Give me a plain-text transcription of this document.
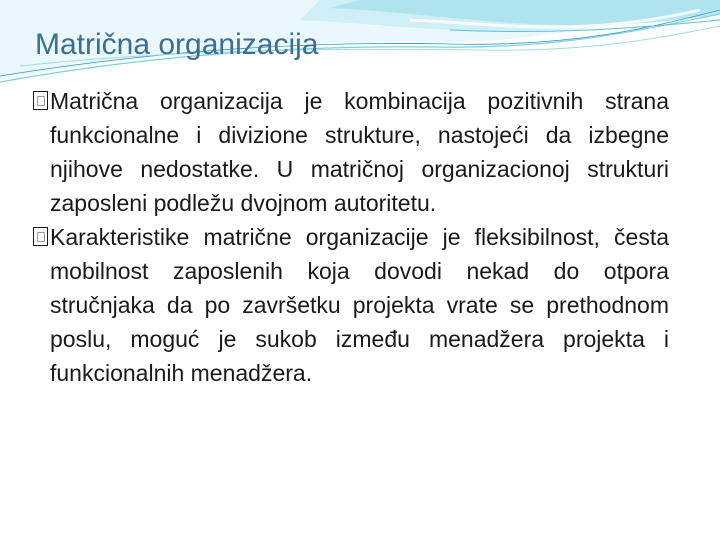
Matrična organizacija

Matrična organizacija je kombinacija pozitivnih strana funkcionalne i divizione strukture, nastojeći da izbegne njihove nedostatke. U matričnoj organizacionoj strukturi zaposleni podležu dvojnom autoritetu.

Karakteristike matrične organizacije je fleksibilnost, česta mobilnost zaposlenih koja dovodi nekad do otpora stručnjaka da po završetku projekta vrate se prethodnom poslu, moguć je sukob između menadžera projekta i funkcionalnih menadžera.
